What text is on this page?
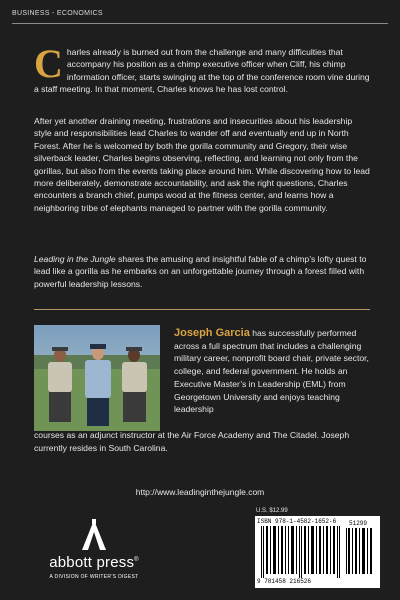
BUSINESS - ECONOMICS

Charles already is burned out from the challenge and many difficulties that accompany his position as a chimp executive officer when Cliff, his chimp information officer, starts swinging at the top of the conference room vine during a staff meeting. In that moment, Charles knows he has lost control.

After yet another draining meeting, frustrations and insecurities about his leadership style and responsibilities lead Charles to wander off and eventually end up in North Forest. After he is welcomed by both the gorilla community and Gregory, their wise silverback leader, Charles begins observing, reflecting, and learning not only from the gorillas, but also from the events taking place around him. While discovering how to lead more deliberately, demonstrate accountability, and ask the right questions, Charles encounters a branch chief, pumps wood at the fitness center, and learns how a neighboring tribe of elephants managed to partner with the gorilla community.

Leading in the Jungle shares the amusing and insightful fable of a chimp’s lofty quest to lead like a gorilla as he embarks on an unforgettable journey through a forest filled with powerful leadership lessons.

Joseph Garcia has successfully performed across a full spectrum that includes a challenging military career, nonprofit board chair, private sector, college, and federal government. He holds an Executive Master’s in Leadership (EML) from Georgetown University and enjoys teaching leadership

courses as an adjunct instructor at the Air Force Academy and The Citadel. Joseph currently resides in South Carolina.

http://www.leadinginthejungle.com
abbott press®
A DIVISION OF WRITER’S DIGEST
U.S. $12.99
ISBN 978-1-4582-1652-6 51299
9 781458 216526
